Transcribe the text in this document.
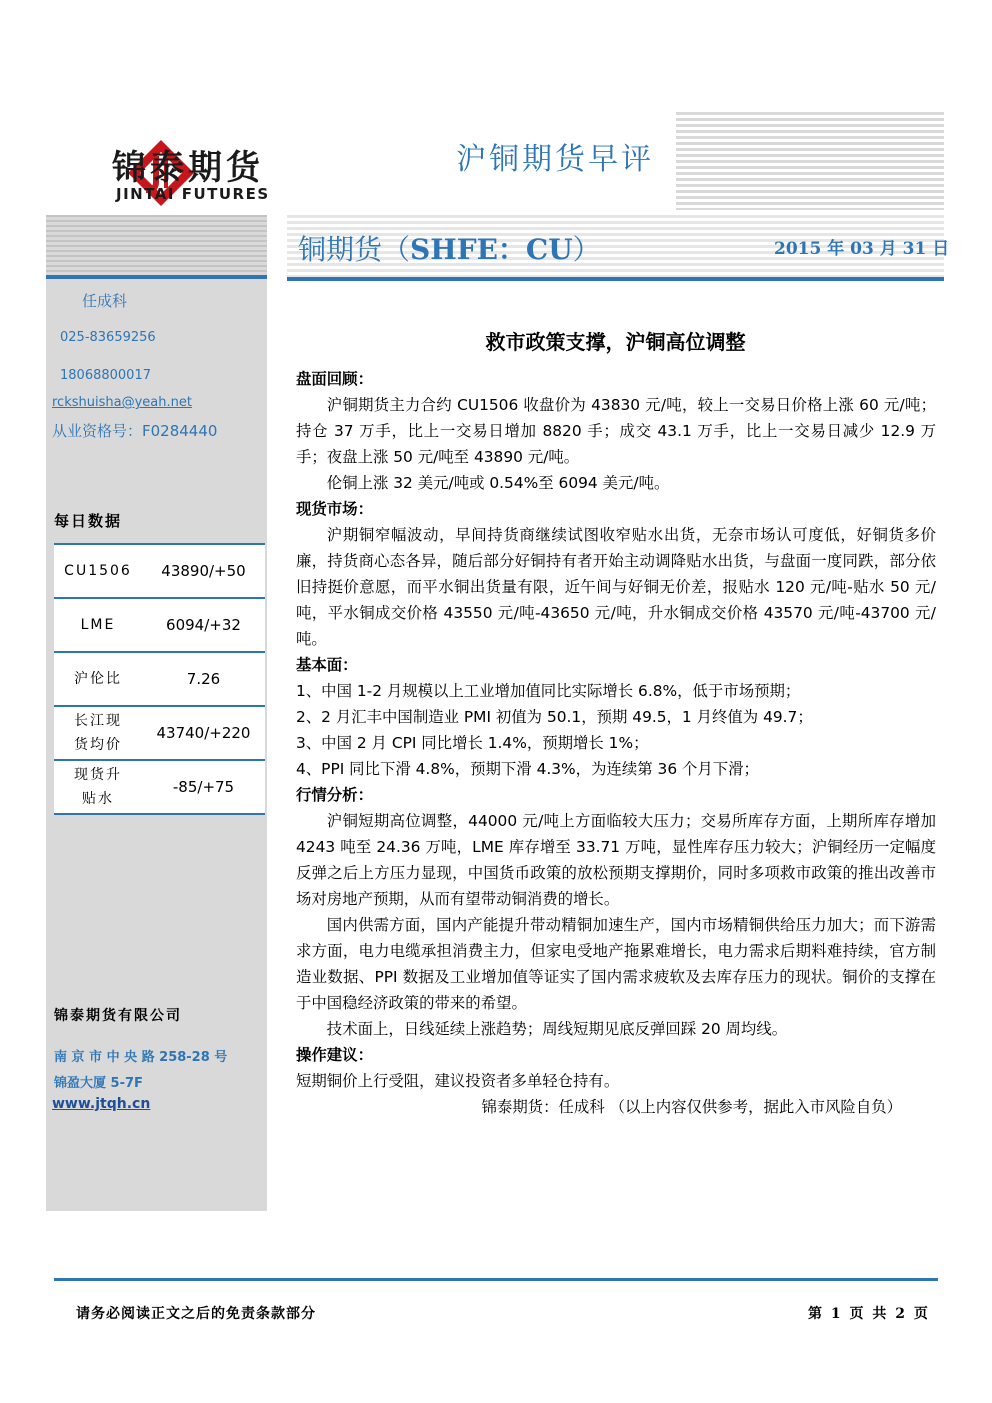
锦泰期货
JINTAI FUTURES
沪铜期货早评
铜期货（SHFE：CU）	2015 年 03 月 31 日
任成科
025-83659256
18068800017
rckshuisha@yeah.net
从业资格号：F0284440
每日数据
CU1506	43890/+50
LME	6094/+32
沪伦比	7.26
长江现
货均价	43740/+220
现货升
贴水	-85/+75
锦泰期货有限公司
南 京 市 中 央 路 258-28 号
锦盈大厦 5-7F
www.jtqh.cn
救市政策支撑，沪铜高位调整

盘面回顾：

沪铜期货主力合约 CU1506 收盘价为 43830 元/吨，较上一交易日价格上涨 60 元/吨；持仓 37 万手，比上一交易日增加 8820 手；成交 43.1 万手，比上一交易日减少 12.9 万手；夜盘上涨 50 元/吨至 43890 元/吨。

伦铜上涨 32 美元/吨或 0.54%至 6094 美元/吨。

现货市场：

沪期铜窄幅波动，早间持货商继续试图收窄贴水出货，无奈市场认可度低，好铜货多价廉，持货商心态各异，随后部分好铜持有者开始主动调降贴水出货，与盘面一度同跌，部分依旧持挺价意愿，而平水铜出货量有限，近午间与好铜无价差，报贴水 120 元/吨-贴水 50 元/吨，平水铜成交价格 43550 元/吨-43650 元/吨，升水铜成交价格 43570 元/吨-43700 元/吨。

基本面：

1、中国 1-2 月规模以上工业增加值同比实际增长 6.8%，低于市场预期；

2、2 月汇丰中国制造业 PMI 初值为 50.1，预期 49.5，1 月终值为 49.7；

3、中国 2 月 CPI 同比增长 1.4%，预期增长 1%；

4、PPI 同比下滑 4.8%，预期下滑 4.3%，为连续第 36 个月下滑；

行情分析：

沪铜短期高位调整，44000 元/吨上方面临较大压力；交易所库存方面，上期所库存增加 4243 吨至 24.36 万吨，LME 库存增至 33.71 万吨，显性库存压力较大；沪铜经历一定幅度反弹之后上方压力显现，中国货币政策的放松预期支撑期价，同时多项救市政策的推出改善市场对房地产预期，从而有望带动铜消费的增长。

国内供需方面，国内产能提升带动精铜加速生产，国内市场精铜供给压力加大；而下游需求方面，电力电缆承担消费主力，但家电受地产拖累难增长，电力需求后期料难持续，官方制造业数据、PPI 数据及工业增加值等证实了国内需求疲软及去库存压力的现状。铜价的支撑在于中国稳经济政策的带来的希望。

技术面上，日线延续上涨趋势；周线短期见底反弹回踩 20 周均线。

操作建议：

短期铜价上行受阻，建议投资者多单轻仓持有。

锦泰期货：任成科 （以上内容仅供参考，据此入市风险自负）

请务必阅读正文之后的免责条款部分	第 1 页 共 2 页
